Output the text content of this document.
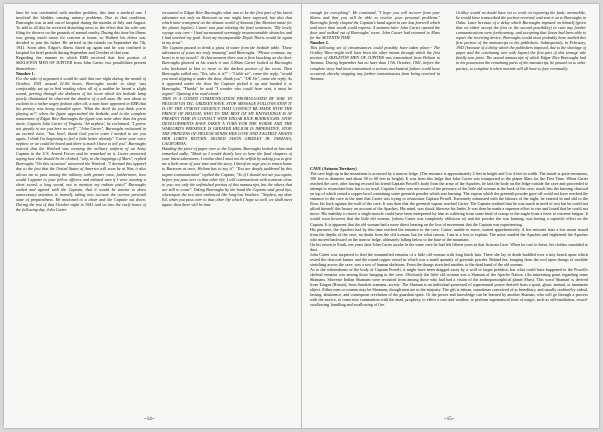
later he was confronted with another problem, this time a medical one. I involved the bladder, causing urinary problems. Due to that condition, Burroughs was in and out of hospital during the months of July and August. To add to all this he received disturbing news to the effect that his wife was filing for divorce on the grounds of mental cruelty. During this time his illness was giving much cause for concern at home, so Hulbert his eldest son, decided to join his father. He arrived in the islands on September the 7th, 1941. Soon after, Edgar's illness flared up again and he was confined to hospital for brief periods during September and October of that year.

Regarding the manner in which ERB received that first portion of SKELETON MEN OF JUPITER from John Carter, two possibilities present themselves:-

Number 1.

For the sake of argument it could be said that one night during the month of October, 1941 around 21.00 hours, Burroughs awoke in sleep 'was comfortably sat up in bed reading when all of a sudden he heard a slight sound, peering through the darkness of his room which his bedside lamp poorly illuminated he observed the shadow of a tall man. He was about to exclaim in a rather angry fashion after all, a man have appeared in ERB that his privacy was being intruded upon. 'What the devil do you think you're playing at?', when the figure approached the bedside, and in the complete amazement of Edgar Rice Burroughs the figure was none other than his great uncle, Captain John Carter of Virginia. 'Ah nephew', he exclaimed, "I grieve not greatly to see you here as well", "John Carter", Burroughs exclaimed in an excited voice, "but, how!, thank God you've come I needed to see you again, I think I'm beginning to feel a little better already." 'Carter your voice nephew or we could be heard and there is much I have to tell you". Burroughs noticed that the Warlord was wearing the military uniform of an Army Captain in the U.S. Armed Forces and he remarked on it. Carter answered saying how else should he be clothed, "why, in the trappings of Mars", replied Burroughs "On this occasion" answered the Warlord. "I deemed this apparel due to the fact that the United States of America will soon be at War, it also allows me to pass among the military with greater ease, furthermore, how would I appear to your fellow officers and enlisted men if I were wearing a short sword, a long sword, not to mention my radium pistol" Burroughs smiled and agreed with the Captain, that it would be unwise to draw unnecessary attention to himself, taking into account the current personal state of preparedness. He motioned to a chair and the Captain sat down. During the rest of that October night in 1941 and on into the early hours of the following day, John Carter

recounted to Edgar Rice Burroughs what was to be the first part of his latest adventure not only on Barsoom as one might have expected, but also that which later transpired on the distant world of Sasoom (the Martian name for the planet Jupiter). Carter was past relating the final sentences, "My lovely voyage was over - I had surmounted seemingly insurmountable obstacles and I had reached my goal. Soon my incomparable Dejah Thoris would be again in my arms".

The Captain paused to drink a glass of water from the bedside table. 'These adventures of yours are truly amazing" said Burroughs. "Please continue, my heart is in my mouth". At that moment there was a firm knocking on the door. Burroughs glanced at his watch it was 3.00am Carter looked at Burroughs who beckoned to him to move to the darkest portion of the room. Then Burroughs called out, "Yes, who is it?" - "Cable sir", came the reply, "would you mind slipping it under the door, thank you". "OK Sir", came the reply. As it appeared under the door the Captain picked it up and handed it to Burroughs, "Thanks" he said "I wonder who could have sent, it must be urgent". Opening it he read aloud:-

THIS IS A CODED COMMUNICATION PROMULGATED BY WAR. IN HELIUM VIA TEL. GRIDLEY WAVE. STOP. MESSAGE FOLLOWS STOP. IT IS OF THE UTMOST URGENCY THAT CONTACT BE MADE WITH THE PRINCE OF HELIUM, WHO TO THE BEST OF MY KNOWLEDGE IS AT PRESENT TIME IN CONTACT WITH EDGAR RICE BURROUGHS. STOP. DEVELOPMENTS HAVE TAKEN A TURN FOR THE WORSE AND THE WARLORD'S PRESENCE IS GREATER HELIUM IS IMPERATIVE. STOP. THE PRINCESS OF HELIUM SENDS HER LOVE AND EAGERLY AWAITS HER LORD'S RETURN. SIGNED JASON GRIDLEY JR. TARZANA, CALIFORNIA.

Handing the piece of paper over to the Captain, Burroughs looked at him and remarked sadly, "Much as I would dearly love to hear the final chapters of your latest adventures, I realise that I must not be selfish by asking you to give me a little more of your time and the story, I therefore urge you to return home to Barsoom at once, Helium has to say it". "You are deeply saddened by this urgent communication" replied the Captain, "So if I should not see you again, before you pass over to that other life, I will communicate with someone close to you; not only the unfinished portion of this manuscript, but the others that are still to come". Taking Burroughs by the hand the Captain said good bye, whereupon the two men embraced like long-lost brothers. "Nephew, my dear Ed, when you pass over to that other life which I hope so well, we shall meet again; then there will be time

enough for everything". He continued, "I hope you will recover from your illness and that you will be able to receive your personal problems." Burroughs firmly clasped the Captain's hand again in one last farewell which said more than words could express. A moment later John Carter opened the door and walked out of Burroughs' room. John Carter had returned to Mars for the SEVENTH TIME.

Number 2.

This following set of circumstances could possibly have taken place:- The Gridley Wave might well have been the other means through which the first portion of SKELETON MEN OF JUPITER was transmitted from Helium to Tarzana. During September but no later than 17th. October, 1941, before the complete story had been transmitted a serious mechanical failure could have occurred, thereby stopping any further transmissions from being received in Tarzana.

Gridley would no doubt have set to work on repairing the fault; meanwhile, he would have transcribed the portion received, and sent it on to Burroughs in Oahu. Later because of a delay which Burroughs imposed on himself (given that we either accept the first or the second possibility) in case any further communications were forthcoming, and accepting that Jason had been able to repair the receiving device, Burroughs would most probably have mailed this first portion of the manuscript to his publishers. Subsequently, in February, 1943 (because of a delay which the publishers imposed, due to the shortage of paper and the continuing war with Japan) the first part of this strange tale finally saw print. The actual manuscript of which Edgar Rice Burroughs had in his possession the remaining parts of the manuscript, he passed on to other parties, to complete it when mortals will all have to face eventually.

CAVE (Arizona Territory)

The cave high up in the mountains is accessed by a narrow ledge. (The entrance is approximately 4 feet in height and 3 to 4 feet in width. The inside is quite enormous, 100 feet in diameter and about 50 to 60 feet in height). It was from this ledge that John Carter was transported to the planet Mars for the First Time. When Carter reached the cave, after having rescued his friend Captain Powell's body from the army of the Apaches, he laid the body on the ledge outside the cave and proceeded to attempt to resuscitate him, but to no avail. Captain Carter was not aware of the presence of the little old woman at the back of the cave, much less the burning charcoal on top of which rested a copper bowl containing some greenish powder which was burning. The vapour which the greenish powder gave off could not have reached the entrance to the cave at the time that Carter was trying to resuscitate Captain Powell. Extremely exhausted with the labours of the night, he entered in and slid to the floor, his back against the wall of the cave. It was then that the greenish vapour reached Carter. The Captain realised that he was much in need of rest but he could not afford himself this luxury on account of the Apaches. His mind, was shock likewise his limbs. It was then he made a supreme effort to rise and found that he could not move. His inability to move a single muscle could have been interpreted by him as suffering from some kind of cramp or the aught from a fever to extreme fatigue. It would soon however that the little old woman, (whom Carter was completely oblivious to) and the powder she was burning, was having a soporific effect on the Captain. It is apparent that the old woman had a more direct bearing on the loss of movement that the Captain was experiencing.

His pursuers, the Apaches had by this time reached the entrance to the cave. Carter, unable to move, waited apprehensively. A few minutes later a low moan issued from the depths of the cave, no doubt from the old woman, but for what reason, I am at a loss to explain. The noise startled the Apaches and frightened the Apaches who moved backward on the narrow ledge, ultimately falling below to the base of the mountain.

On his return to Earth, ten years later John Carter awoke in the same cave he had left fifteen years in that Arizona Cave. When he rose to leave, his clothes crumbled to dust.

John Carter was surprised to find the mummified remains of a little old woman with long black hair. There she lay in death huddled over a tiny bench upon which rested the charcoal burner and the round copper vessel in which was a small quantity of greenish powder. Behind her, hanging from the roof upon thongs of rawhide stretching across the cave, was a row of human skeletons. From the thongs stretched another, to the dead hand of the old woman.

As to the whereabouts of the body of Captain Powell, it might have been dragged away by a wolf or larger predator, but what could have happened to the Powell's skeletal remains was among those hanging in the cave. Obviously the little old woman was a Shaman of the Apache Nation. (An interesting point regarding some Shamans. Shoveste Indian Shamans were recruited from among those who had had a vision of the anthropomorphical planet Mars). This word 'Shaman' is derived from Tungus (Russia), from Sanskrit sramana, ascetic. The Shaman is an individual possessed of supernatural power derived from a spirit, ghost, animal, or inanimate object. Either men or women may be Shamans, though men are in the majority. The gift is inborn, sometimes conceived of as hereditary, and usually realised by ordeal, fasting, abstinence, and consequent revelation of the guardian spirit. Or the power and knowledge can be learned by another Shaman, who will go through a process with the novice, to come into communion with the dead, prophesy, to effect a cure and weather, to perform supernatural feats of magic, such as self-mutilation, sword-swallowing, handling and swallowing of fire.

~14~	~15~
